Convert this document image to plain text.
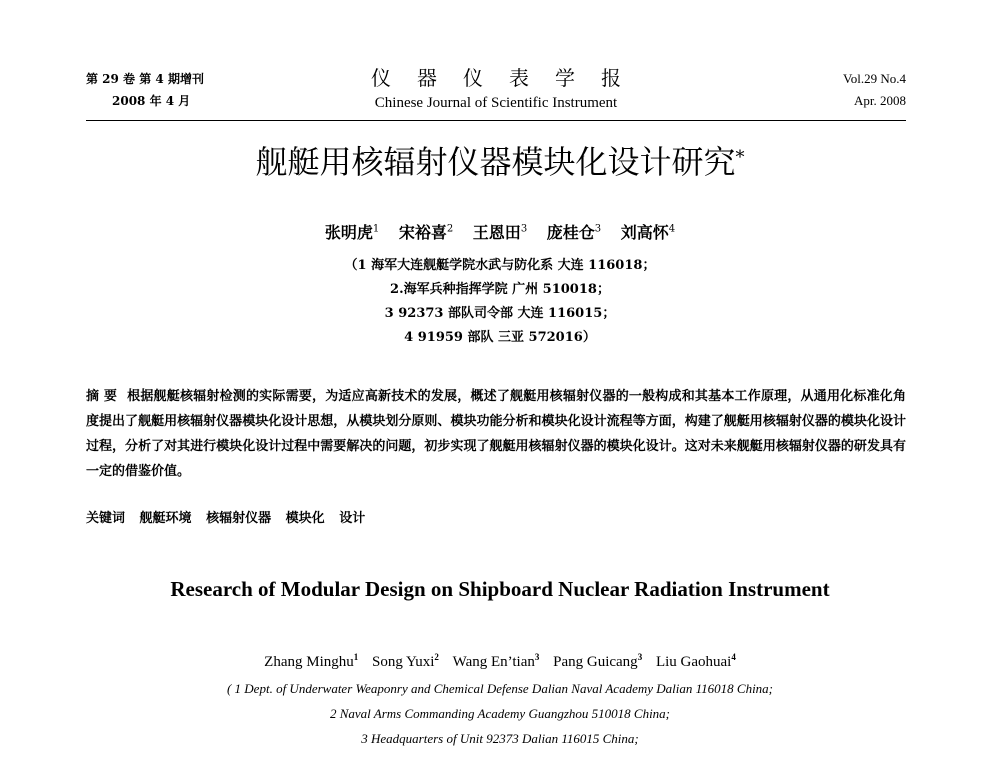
第 29 卷 第 4 期增刊
2008 年 4 月
仪器仪表学报
Chinese Journal of Scientific Instrument
Vol.29 No.4
Apr. 2008
舰艇用核辐射仪器模块化设计研究*
张明虎$^1$ 宋裕喜$^2$ 王恩田$^3$ 庞桂仓$^3$ 刘高怀$^4$
（1 海军大连舰艇学院水武与防化系 大连 116018；
2.海军兵种指挥学院 广州 510018；
3 92373 部队司令部 大连 116015；
4 91959 部队 三亚 572016）
摘 要 根据舰艇核辐射检测的实际需要，为适应高新技术的发展，概述了舰艇用核辐射仪器的一般构成和其基本工作原理，从通用化标准化角度提出了舰艇用核辐射仪器模块化设计思想，从模块划分原则、模块功能分析和模块化设计流程等方面，构建了舰艇用核辐射仪器的模块化设计过程，分析了对其进行模块化设计过程中需要解决的问题，初步实现了舰艇用核辐射仪器的模块化设计。这对未来舰艇用核辐射仪器的研发具有一定的借鉴价值。
关键词 舰艇环境 核辐射仪器 模块化 设计
Research of Modular Design on Shipboard Nuclear Radiation Instrument
Zhang Minghu$^1$ Song Yuxi$^2$ Wang En’tian$^3$ Pang Guicang$^3$ Liu Gaohuai$^4$
( 1 Dept. of Underwater Weaponry and Chemical Defense Dalian Naval Academy Dalian 116018 China;
2 Naval Arms Commanding Academy Guangzhou 510018 China;
3 Headquarters of Unit 92373 Dalian 116015 China;
